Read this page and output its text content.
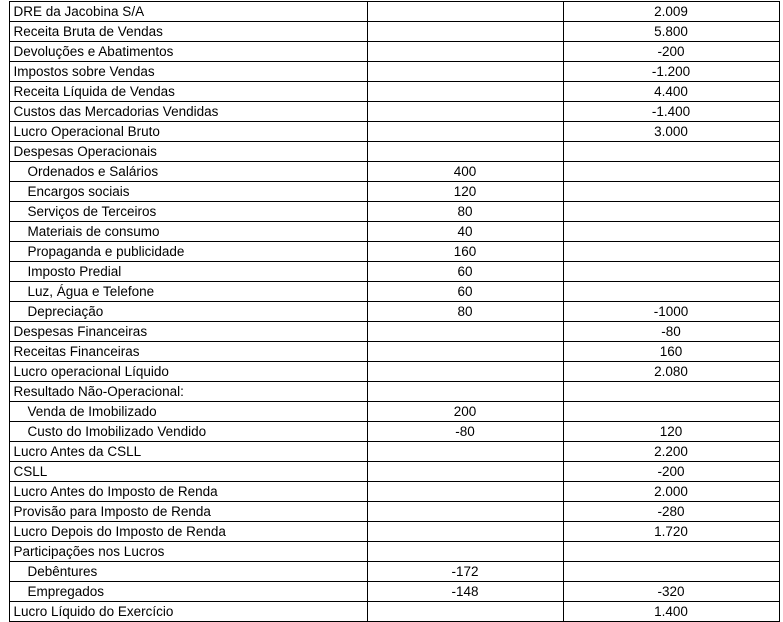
DRE da Jacobina S/A		2.009
Receita Bruta de Vendas		5.800
Devoluções e Abatimentos		-200
Impostos sobre Vendas		-1.200
Receita Líquida de Vendas		4.400
Custos das Mercadorias Vendidas		-1.400
Lucro Operacional Bruto		3.000
Despesas Operacionais		
Ordenados e Salários	400	
Encargos sociais	120	
Serviços de Terceiros	80	
Materiais de consumo	40	
Propaganda e publicidade	160	
Imposto Predial	60	
Luz, Água e Telefone	60	
Depreciação	80	-1000
Despesas Financeiras		-80
Receitas Financeiras		160
Lucro operacional Líquido		2.080
Resultado Não-Operacional:		
Venda de Imobilizado	200	
Custo do Imobilizado Vendido	-80	120
Lucro Antes da CSLL		2.200
CSLL		-200
Lucro Antes do Imposto de Renda		2.000
Provisão para Imposto de Renda		-280
Lucro Depois do Imposto de Renda		1.720
Participações nos Lucros		
Debêntures	-172	
Empregados	-148	-320
Lucro Líquido do Exercício		1.400
